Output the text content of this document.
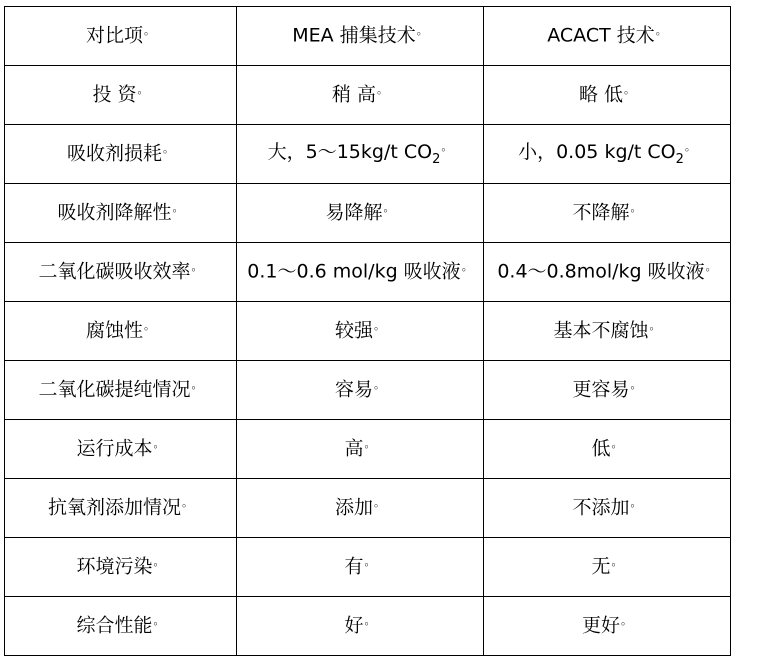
对比项。	MEA 捕集技术。	ACACT 技术。
投 资。	稍 高。	略 低。
吸收剂损耗。	大，5～15kg/t $CO_2^。$	小，0.05 kg/t $CO_2^。$
吸收剂降解性。	易降解。	不降解。
二氧化碳吸收效率。	0.1～0.6 mol/kg 吸收液。	0.4～0.8mol/kg 吸收液。
腐蚀性。	较强。	基本不腐蚀。
二氧化碳提纯情况。	容易。	更容易。
运行成本。	高。	低。
抗氧剂添加情况。	添加。	不添加。
环境污染。	有。	无。
综合性能。	好。	更好。
